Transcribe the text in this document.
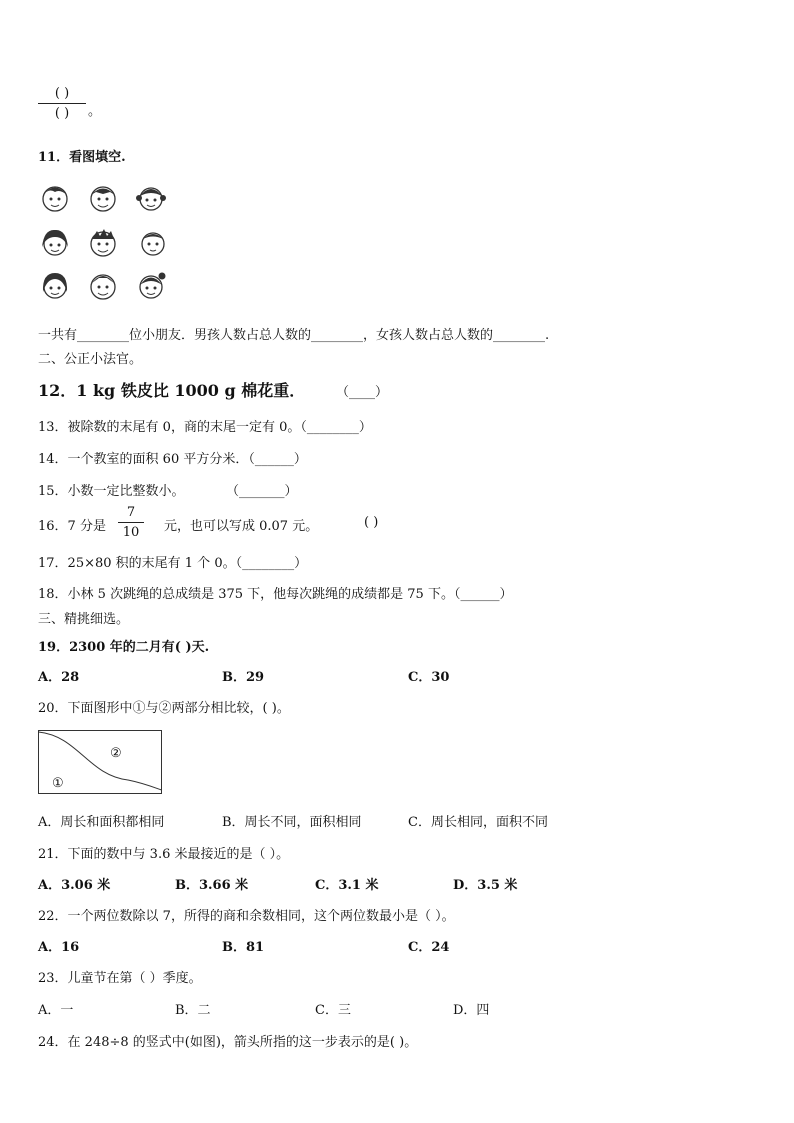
( )
( )	。
11．看图填空.
一共有________位小朋友．男孩人数占总人数的________，女孩人数占总人数的________.
二、公正小法官。
12．1 kg 铁皮比 1000 g 棉花重． （____）
13．被除数的末尾有 0，商的末尾一定有 0。（________）
14．一个教室的面积 60 平方分米．（______）
15．小数一定比整数小。	（_______）
16．7 分是
7
10	元，也可以写成 0.07 元。	( )
17．25×80 积的末尾有 1 个 0。（________）
18．小林 5 次跳绳的总成绩是 375 下，他每次跳绳的成绩都是 75 下。（______）
三、精挑细选。
19．2300 年的二月有( )天.
A．28	B．29	C．30
20．下面图形中①与②两部分相比较，( )。
②
①
A．周长和面积都相同	B．周长不同，面积相同	C．周长相同，面积不同
21．下面的数中与 3.6 米最接近的是（ ）。
A．3.06 米	B．3.66 米	C．3.1 米	D．3.5 米
22．一个两位数除以 7，所得的商和余数相同，这个两位数最小是（ ）。
A．16	B．81	C．24
23．儿童节在第（ ）季度。
A．一	B．二	C．三	D．四
24．在 248÷8 的竖式中(如图)，箭头所指的这一步表示的是( )。
